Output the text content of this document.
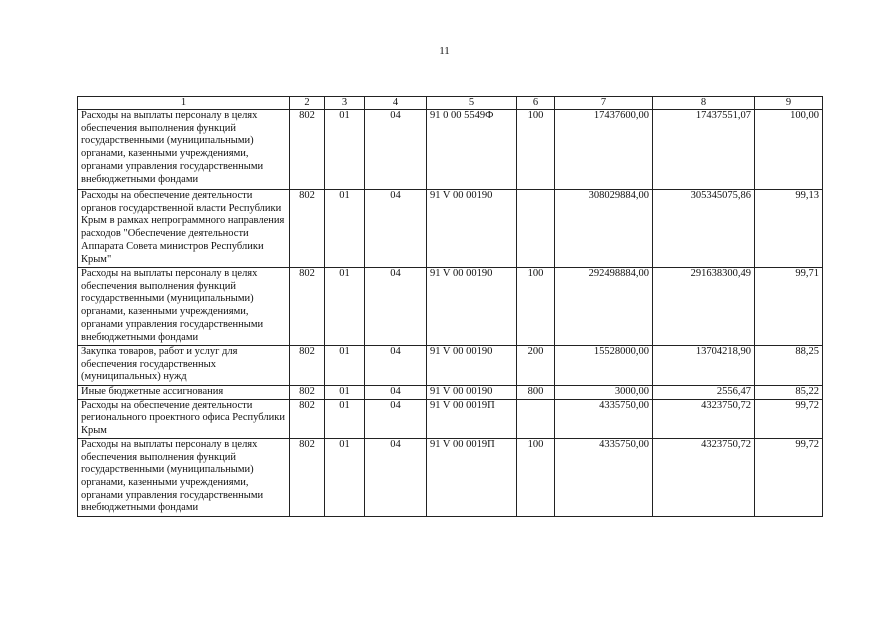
11
1	2	3	4	5	6	7	8	9
Расходы на выплаты персоналу в целях обеспечения выполнения функций государственными (муниципальными) органами, казенными учреждениями, органами управления государственными внебюджетными фондами	802	01	04	91 0 00 5549Ф	100	17437600,00	17437551,07	100,00
Расходы на обеспечение деятельности органов государственной власти Республики Крым в рамках непрограммного направления расходов "Обеспечение деятельности Аппарата Совета министров Республики Крым"	802	01	04	91 V 00 00190		308029884,00	305345075,86	99,13
Расходы на выплаты персоналу в целях обеспечения выполнения функций государственными (муниципальными) органами, казенными учреждениями, органами управления государственными внебюджетными фондами	802	01	04	91 V 00 00190	100	292498884,00	291638300,49	99,71
Закупка товаров, работ и услуг для обеспечения государственных (муниципальных) нужд	802	01	04	91 V 00 00190	200	15528000,00	13704218,90	88,25
Иные бюджетные ассигнования	802	01	04	91 V 00 00190	800	3000,00	2556,47	85,22
Расходы на обеспечение деятельности регионального проектного офиса Республики Крым	802	01	04	91 V 00 0019П		4335750,00	4323750,72	99,72
Расходы на выплаты персоналу в целях обеспечения выполнения функций государственными (муниципальными) органами, казенными учреждениями, органами управления государственными внебюджетными фондами	802	01	04	91 V 00 0019П	100	4335750,00	4323750,72	99,72
